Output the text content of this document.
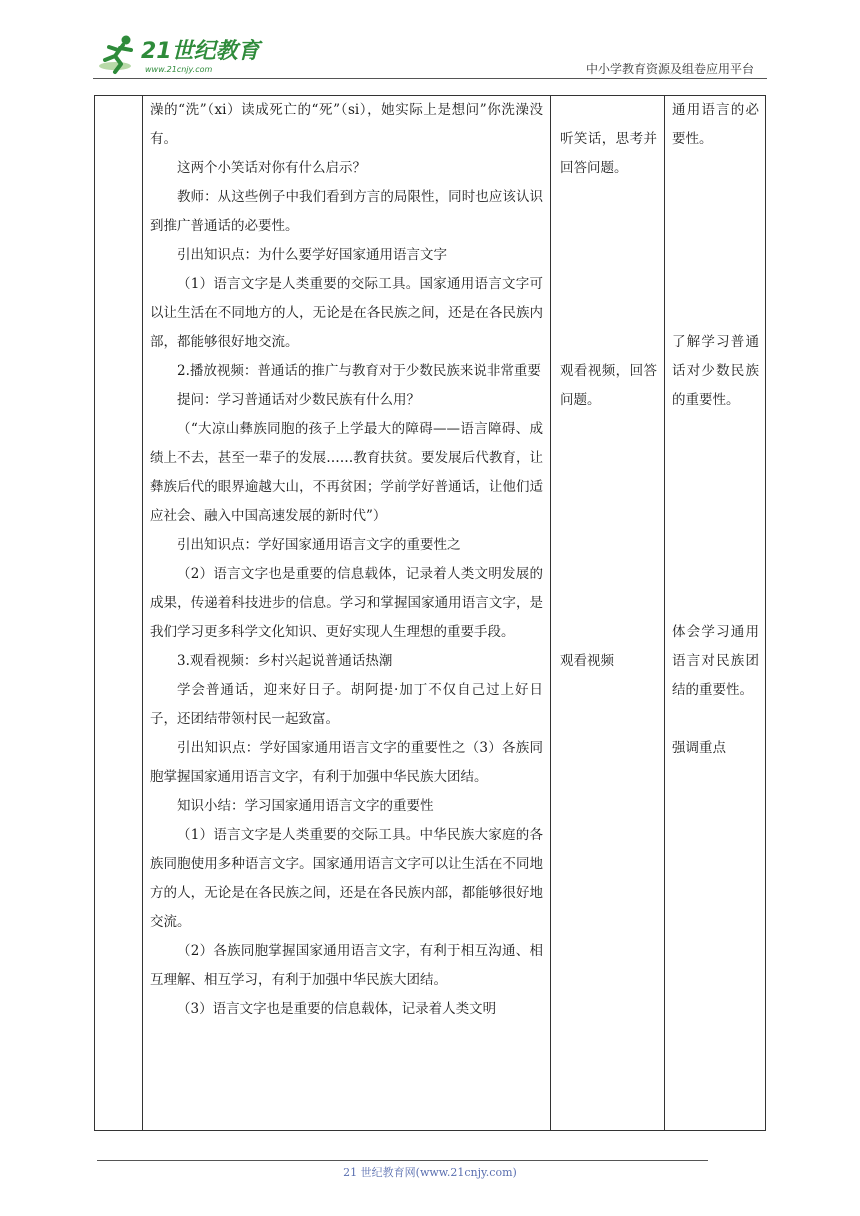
21世纪教育
www.21cnjy.com	中小学教育资源及组卷应用平台

澡的“洗”（xi）读成死亡的“死”（si），她实际上是想问”你洗澡没有。

这两个小笑话对你有什么启示？

教师：从这些例子中我们看到方言的局限性，同时也应该认识到推广普通话的必要性。

引出知识点：为什么要学好国家通用语言文字

（1）语言文字是人类重要的交际工具。国家通用语言文字可以让生活在不同地方的人，无论是在各民族之间，还是在各民族内部，都能够很好地交流。

2.播放视频：普通话的推广与教育对于少数民族来说非常重要

提问：学习普通话对少数民族有什么用？

（“大凉山彝族同胞的孩子上学最大的障碍——语言障碍、成绩上不去，甚至一辈子的发展……教育扶贫。要发展后代教育，让彝族后代的眼界逾越大山，不再贫困；学前学好普通话，让他们适应社会、融入中国高速发展的新时代”）

引出知识点：学好国家通用语言文字的重要性之

（2）语言文字也是重要的信息载体，记录着人类文明发展的成果，传递着科技进步的信息。学习和掌握国家通用语言文字，是我们学习更多科学文化知识、更好实现人生理想的重要手段。

3.观看视频：乡村兴起说普通话热潮

学会普通话，迎来好日子。胡阿提·加丁不仅自己过上好日子，还团结带领村民一起致富。

引出知识点：学好国家通用语言文字的重要性之（3）各族同胞掌握国家通用语言文字，有利于加强中华民族大团结。

知识小结：学习国家通用语言文字的重要性

（1）语言文字是人类重要的交际工具。中华民族大家庭的各族同胞使用多种语言文字。国家通用语言文字可以让生活在不同地方的人，无论是在各民族之间，还是在各民族内部，都能够很好地交流。

（2）各族同胞掌握国家通用语言文字，有利于相互沟通、相互理解、相互学习，有利于加强中华民族大团结。

（3）语言文字也是重要的信息载体，记录着人类文明

听笑话，思考并回答问题。

观看视频，回答问题。

观看视频

通用语言的必要性。

了解学习普通话对少数民族的重要性。

体会学习通用语言对民族团结的重要性。

强调重点

21 世纪教育网(www.21cnjy.com)
